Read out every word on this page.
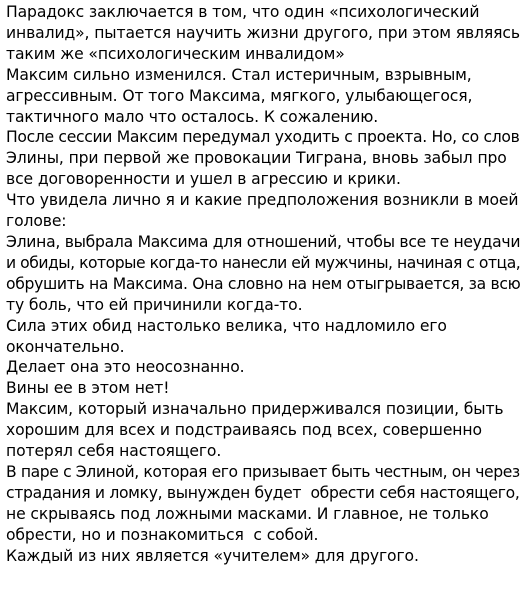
Парадокс заключается в том, что один «психологический

инвалид», пытается научить жизни другого, при этом являясь

таким же «психологическим инвалидом»

Максим сильно изменился. Стал истеричным, взрывным,

агрессивным. От того Максима, мягкого, улыбающегося,

тактичного мало что осталось. К сожалению.

После сессии Максим передумал уходить с проекта. Но, со слов

Элины, при первой же провокации Тиграна, вновь забыл про

все договоренности и ушел в агрессию и крики.

Что увидела лично я и какие предположения возникли в моей

голове:

Элина, выбрала Максима для отношений, чтобы все те неудачи

и обиды, которые когда-то нанесли ей мужчины, начиная с отца,

обрушить на Максима. Она словно на нем отыгрывается, за всю

ту боль, что ей причинили когда-то.

Сила этих обид настолько велика, что надломило его

окончательно.

Делает она это неосознанно.

Вины ее в этом нет!

Максим, который изначально придерживался позиции, быть

хорошим для всех и подстраиваясь под всех, совершенно

потерял себя настоящего.

В паре с Элиной, которая его призывает быть честным, он через

страдания и ломку, вынужден будет  обрести себя настоящего,

не скрываясь под ложными масками. И главное, не только

обрести, но и познакомиться  с собой.

Каждый из них является «учителем» для другого.
